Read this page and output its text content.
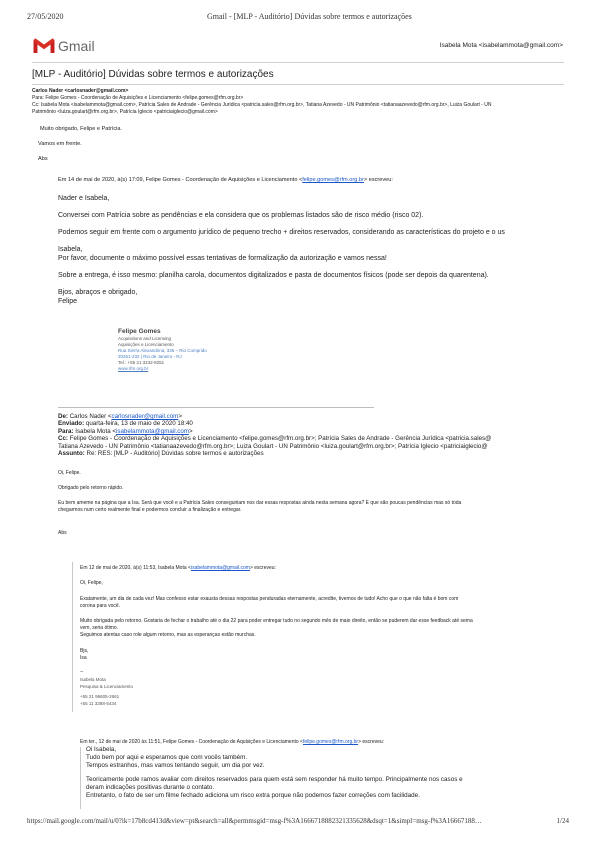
27/05/2020	Gmail - [MLP - Auditório] Dúvidas sobre termos e autorizações
Gmail	Isabela Mota <isabelammota@gmail.com>
[MLP - Auditório] Dúvidas sobre termos e autorizações
Carlos Nader <carlosnader@gmail.com>
Para: Felipe Gomes - Coordenação de Aquisições e Licenciamento <felipe.gomes@rfm.org.br>
Cc: Isabela Mota <isabelammota@gmail.com>, Patrícia Sales de Andrade - Gerência Jurídica <patricia.sales@rfm.org.br>, Tatiana Azevedo - UN Patrimônio <tatianaazevedo@rfm.org.br>, Luiza Goulart - UN
Patrimônio <luiza.goulart@rfm.org.br>, Patrícia Iglecio <patriciaiglecio@gmail.com>
Muito obrigado, Felipe e Patrícia.
Vamos em frente.
Abs
Em 14 de mai de 2020, à(s) 17:09, Felipe Gomes - Coordenação de Aquisições e Licenciamento <felipe.gomes@rfm.org.br> escreveu:
Nader e Isabela,
Conversei com Patrícia sobre as pendências e ela considera que os problemas listados são de risco médio (risco 02).
Podemos seguir em frente com o argumento jurídico de pequeno trecho + direitos reservados, considerando as características do projeto e o us
Isabela,
Por favor, documente o máximo possível essas tentativas de formalização da autorização e vamos nessa!
Sobre a entrega, é isso mesmo: planilha carola, documentos digitalizados e pasta de documentos físicos (pode ser depois da quarentena).
Bjos, abraços e obrigado,
Felipe
Felipe Gomes
Acquisitions and Licensing
Aquisições e Licenciamento
Rua Sierra Alexandrina, 336 – Rio Comprido
20261-232 | Rio de Janeiro - RJ
Tel.: +55 21 3232-8251
www.rfm.org.br
De: Carlos Nader <carlosnader@gmail.com>
Enviado: quarta-feira, 13 de maio de 2020 18:40
Para: Isabela Mota <isabelammota@gmail.com>
Cc: Felipe Gomes - Coordenação de Aquisições e Licenciamento <felipe.gomes@rfm.org.br>; Patrícia Sales de Andrade - Gerência Jurídica <patricia.sales@
Tatiana Azevedo - UN Patrimônio <tatianaazevedo@rfm.org.br>; Luiza Goulart - UN Patrimônio <luiza.goulart@rfm.org.br>; Patrícia Iglecio <patriciaiglecio@
Assunto: Re: RES: [MLP - Auditório] Dúvidas sobre termos e autorizações
Oi, Felipe.
Obrigado pelo retorno rápido.
Eu bem ameme na página que a Isa. Será que você e a Patrícia Sales conseguiriam nos dar essas respostas ainda nesta semana agora? É que são poucas pendências mas só toda
chegarmos num certo realmente final e podermos concluir a finalização e entregar.
Abs
Em 12 de mai de 2020, à(s) 11:53, Isabela Mota <isabelammota@gmail.com> escreveu:
Oi, Felipe,
Exatamente, um dia de cada vez! Mas confesso estar exausta dessas respostas penduradas eternamente, acredite, tivemos de tudo! Acho que o que não falta é bom com
corona para você.
Muito obrigada pelo retorno. Gostaria de fechar o trabalho até o dia 22 para poder entregar tudo no segundo mês de maio direito, então se puderem dar esse feedback até sema
vem, seria ótimo.
Seguimos atentas caso role algum retorno, mas as esperanças estão murchas.
Bjs,
Isa
--
Isabela Mota
Pesquisa & Licenciamento
+55 21 96605-2661
+55 11 3388-5434
Em ter., 12 de mai de 2020 às 11:51, Felipe Gomes - Coordenação de Aquisições e Licenciamento <felipe.gomes@rfm.org.br> escreveu:
Oi Isabela,
Tudo bem por aqui e esperamos que com vocês também.
Tempos estranhos, mas vamos tentando seguir, um dia por vez.
Teoricamente pode ramos avaliar com direitos reservados para quem está sem responder há muito tempo. Principalmente nos casos e
deram indicações positivas durante o contato.
Entretanto, o fato de ser um filme fechado adiciona um risco extra porque não podemos fazer correções com facilidade.
https://mail.google.com/mail/u/0?ik=17b8cd413d&view=pt&search=all&permmsgid=msg-f%3A1666718882321335628&dsqt=1&simpl=msg-f%3A16667188…	1/24
